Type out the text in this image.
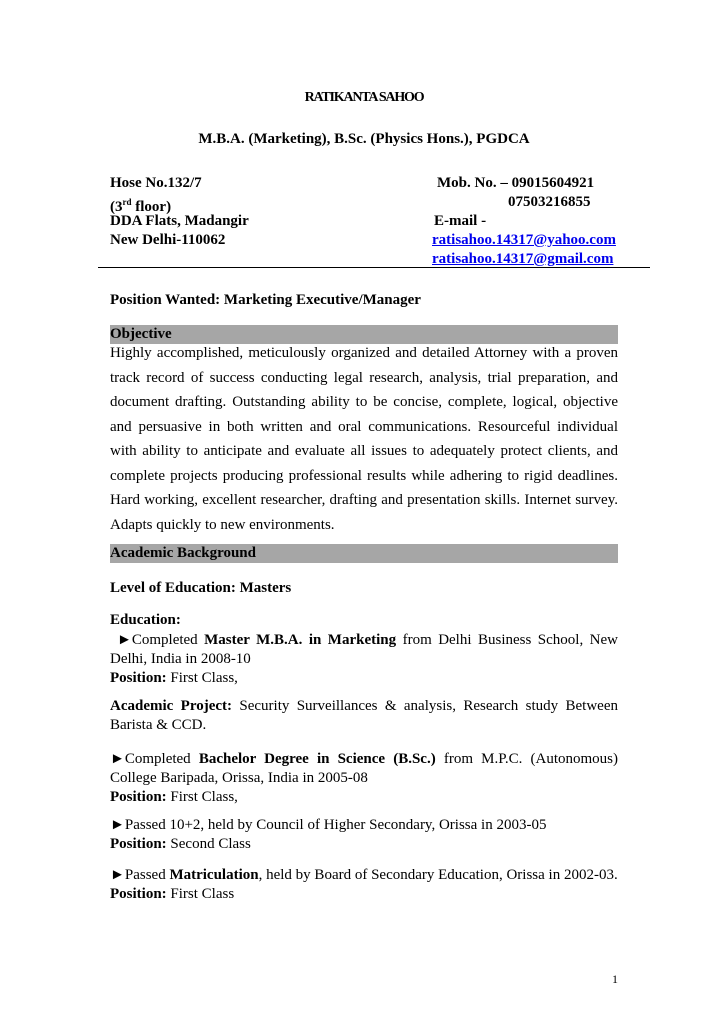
RATIKANTA SAHOO
M.B.A. (Marketing), B.Sc. (Physics Hons.), PGDCA
Hose No.132/7
(3rd floor)
DDA Flats, Madangir
New Delhi-110062
Mob. No. – 09015604921
07503216855
E-mail -
ratisahoo.14317@yahoo.com
ratisahoo.14317@gmail.com
Position Wanted: Marketing Executive/Manager
Objective
Highly accomplished, meticulously organized and detailed Attorney with a proven track record of success conducting legal research, analysis, trial preparation, and document drafting. Outstanding ability to be concise, complete, logical, objective and persuasive in both written and oral communications. Resourceful individual with ability to anticipate and evaluate all issues to adequately protect clients, and complete projects producing professional results while adhering to rigid deadlines. Hard working, excellent researcher, drafting and presentation skills. Internet survey. Adapts quickly to new environments.
Academic Background
Level of Education: Masters
Education:
►Completed Master M.B.A. in Marketing from Delhi Business School, New Delhi, India in 2008-10
Position: First Class,
Academic Project: Security Surveillances & analysis, Research study Between Barista & CCD.
►Completed Bachelor Degree in Science (B.Sc.) from M.P.C. (Autonomous) College Baripada, Orissa, India in 2005-08
Position: First Class,
►Passed 10+2, held by Council of Higher Secondary, Orissa in 2003-05
Position: Second Class
►Passed Matriculation, held by Board of Secondary Education, Orissa in 2002-03.
Position: First Class
1
